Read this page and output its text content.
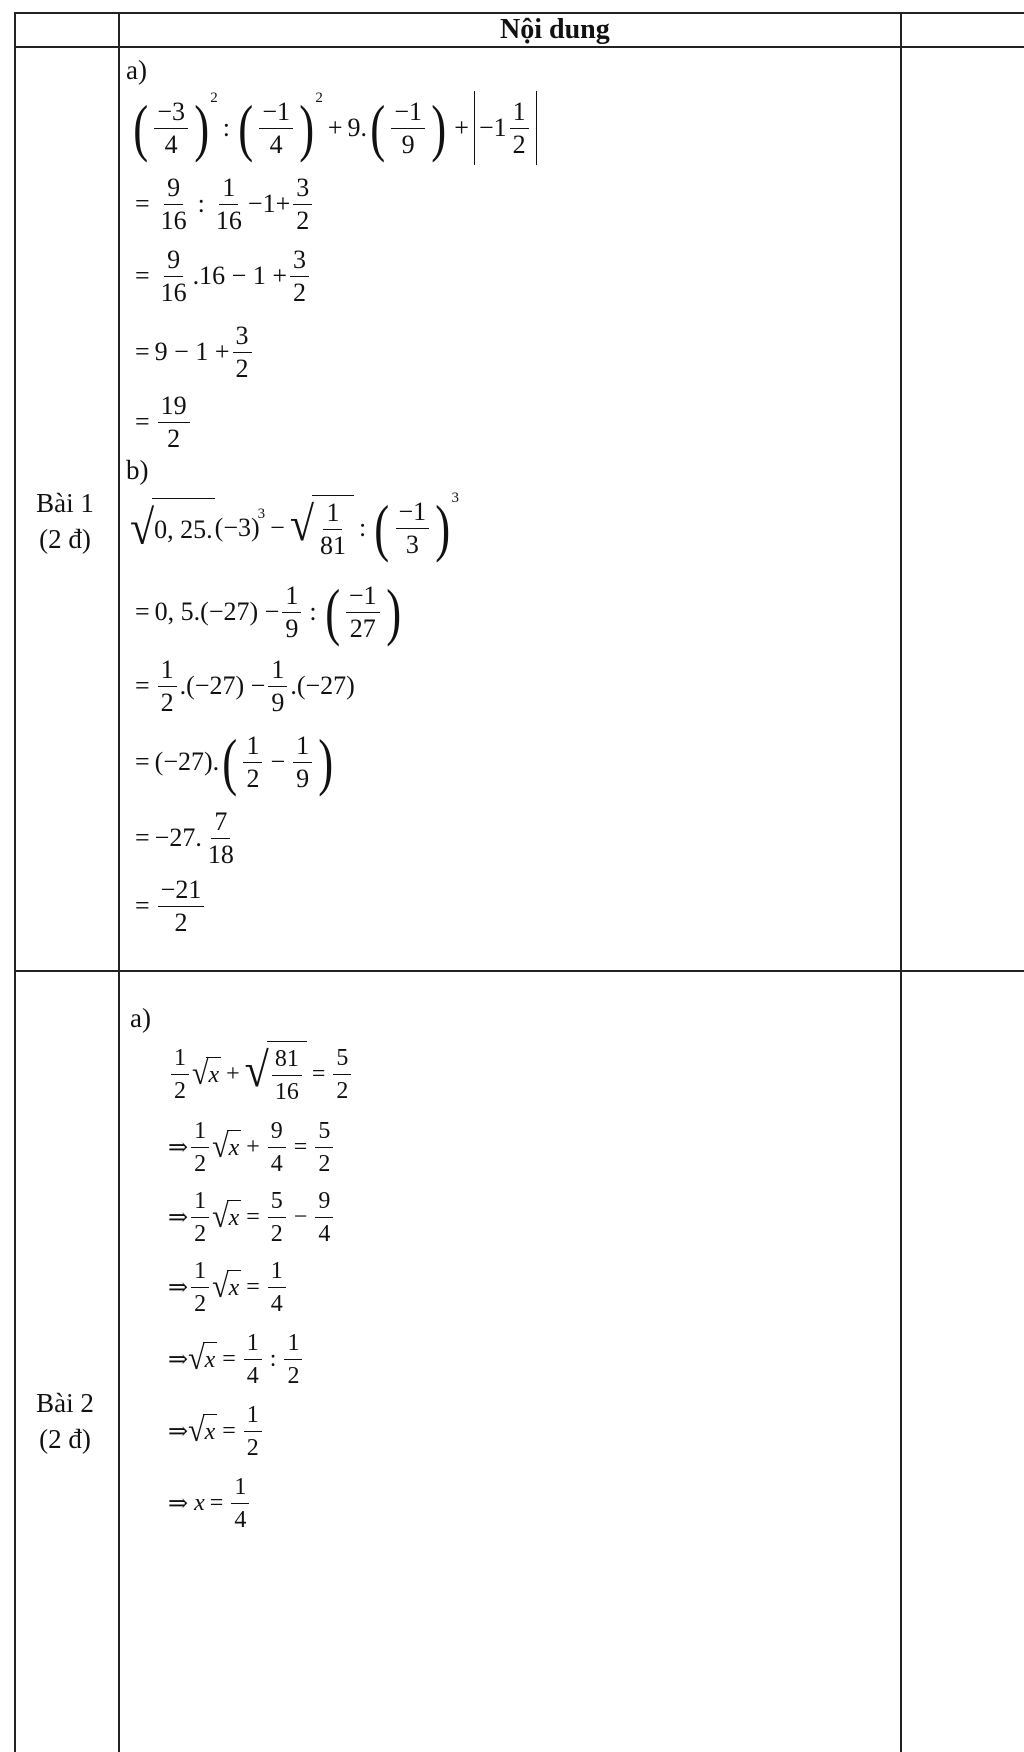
Nội dung
Bài 1
(2 đ)
a)
( $\frac{-3}{4}$ ) 2
: ( $\frac{-1}{4}$ ) 2
+ 9. ( $\frac{-1}{9}$ ) + $-1 \frac{1}{2}$
= $\frac{9}{16}$ : $\frac{1}{16} -1+ \frac{3}{2}$
= $\frac{9}{16} .16 - 1 + \frac{3}{2}$
= $9 - 1 + \frac{3}{2}$
= $\frac{19}{2}$
b)
√ 0, 25. (−3)
3 − √ $\frac{1}{81}$ : ( $\frac{-1}{3}$ ) 3
= 0, $5.(-27) - \frac{1}{9}$ : ( $\frac{-1}{27}$ )
= $\frac{1}{2} .(-27) - \frac{1}{9} .(-27)$
= (−27). ( $\frac{1}{2} - \frac{1}{9}$ )
= −27. $\frac{7}{18}$
= $\frac{-21}{2}$
Bài 2
(2 đ)
a)
$\frac{1}{2}$ √ x + √ $\frac{81}{16} = \frac{5}{2}$
⇒ $\frac{1}{2}$ √ $x + \frac{9}{4} = \frac{5}{2}$
⇒ $\frac{1}{2}$ √ $x = \frac{5}{2} - \frac{9}{4}$
⇒ $\frac{1}{2}$ √ $x = \frac{1}{4}$
⇒ √ $x = \frac{1}{4}$ : $\frac{1}{2}$
⇒ √ $x = \frac{1}{2}$
⇒ $x = \frac{1}{4}$
